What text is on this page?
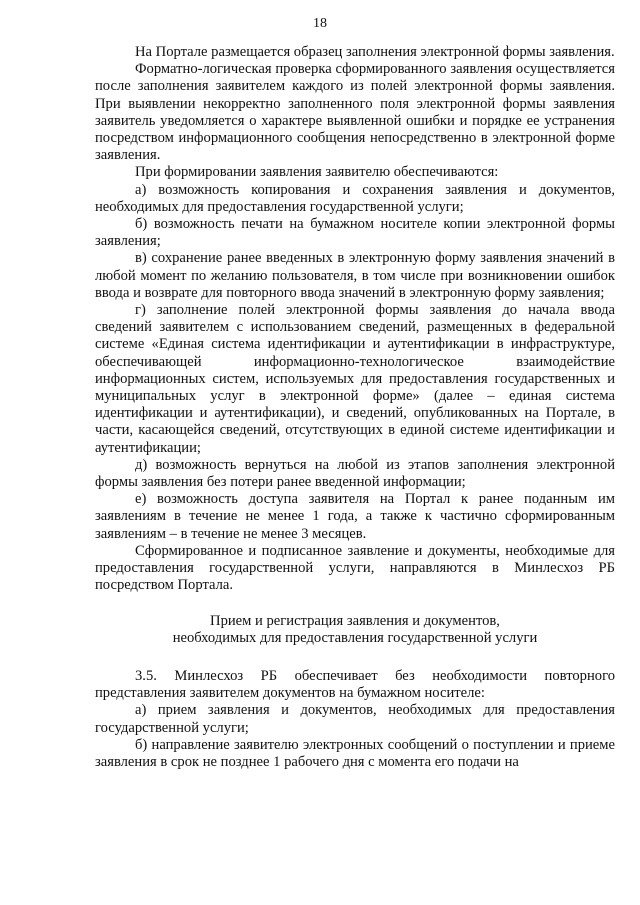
18

На Портале размещается образец заполнения электронной формы заявления.

Форматно-логическая проверка сформированного заявления осуществляется после заполнения заявителем каждого из полей электронной формы заявления. При выявлении некорректно заполненного поля электронной формы заявления заявитель уведомляется о характере выявленной ошибки и порядке ее устранения посредством информационного сообщения непосредственно в электронной форме заявления.

При формировании заявления заявителю обеспечиваются:

а) возможность копирования и сохранения заявления и документов, необходимых для предоставления государственной услуги;

б) возможность печати на бумажном носителе копии электронной формы заявления;

в) сохранение ранее введенных в электронную форму заявления значений в любой момент по желанию пользователя, в том числе при возникновении ошибок ввода и возврате для повторного ввода значений в электронную форму заявления;

г) заполнение полей электронной формы заявления до начала ввода сведений заявителем с использованием сведений, размещенных в федеральной системе «Единая система идентификации и аутентификации в инфраструктуре, обеспечивающей информационно-технологическое взаимодействие информационных систем, используемых для предоставления государственных и муниципальных услуг в электронной форме» (далее – единая система идентификации и аутентификации), и сведений, опубликованных на Портале, в части, касающейся сведений, отсутствующих в единой системе идентификации и аутентификации;

д) возможность вернуться на любой из этапов заполнения электронной формы заявления без потери ранее введенной информации;

е) возможность доступа заявителя на Портал к ранее поданным им заявлениям в течение не менее 1 года, а также к частично сформированным заявлениям – в течение не менее 3 месяцев.

Сформированное и подписанное заявление и документы, необходимые для предоставления государственной услуги, направляются в Минлесхоз РБ посредством Портала.

Прием и регистрация заявления и документов,
необходимых для предоставления государственной услуги

3.5. Минлесхоз РБ обеспечивает без необходимости повторного представления заявителем документов на бумажном носителе:

а) прием заявления и документов, необходимых для предоставления государственной услуги;

б) направление заявителю электронных сообщений о поступлении и приеме заявления в срок не позднее 1 рабочего дня с момента его подачи на
